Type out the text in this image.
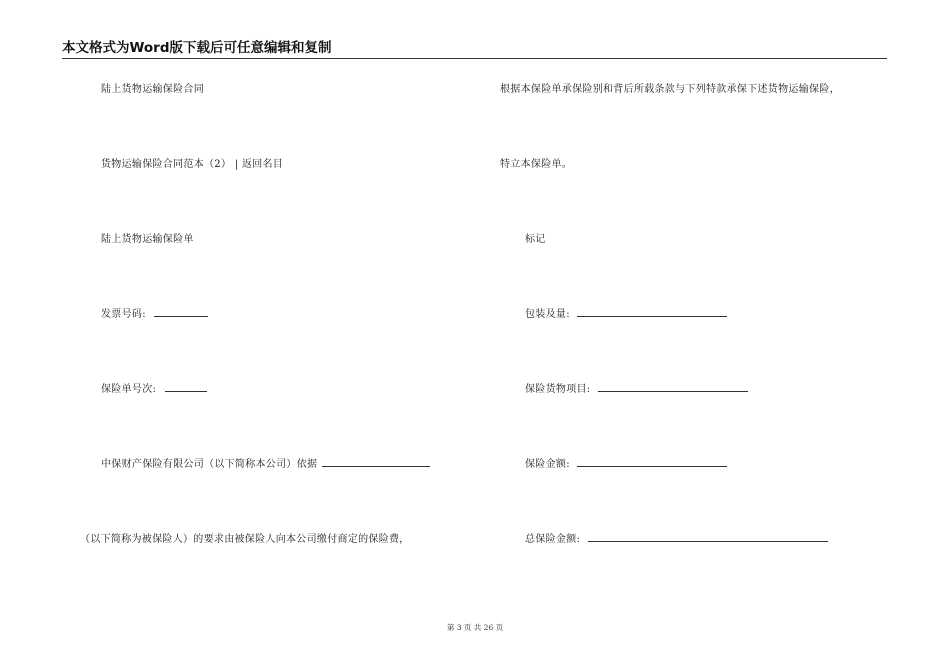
本文格式为Word版下载后可任意编辑和复制
陆上货物运输保险合同
货物运输保险合同范本（2） | 返回名目
陆上货物运输保险单
发票号码:
保险单号次:
中保财产保险有限公司（以下简称本公司）依据
（以下简称为被保险人）的要求由被保险人向本公司缴付商定的保险费，
根据本保险单承保险别和背后所载条款与下列特款承保下述货物运输保险，
特立本保险单。
标记
包装及量:
保险货物项目:
保险金额:
总保险金额:
第 3 页 共 26 页
